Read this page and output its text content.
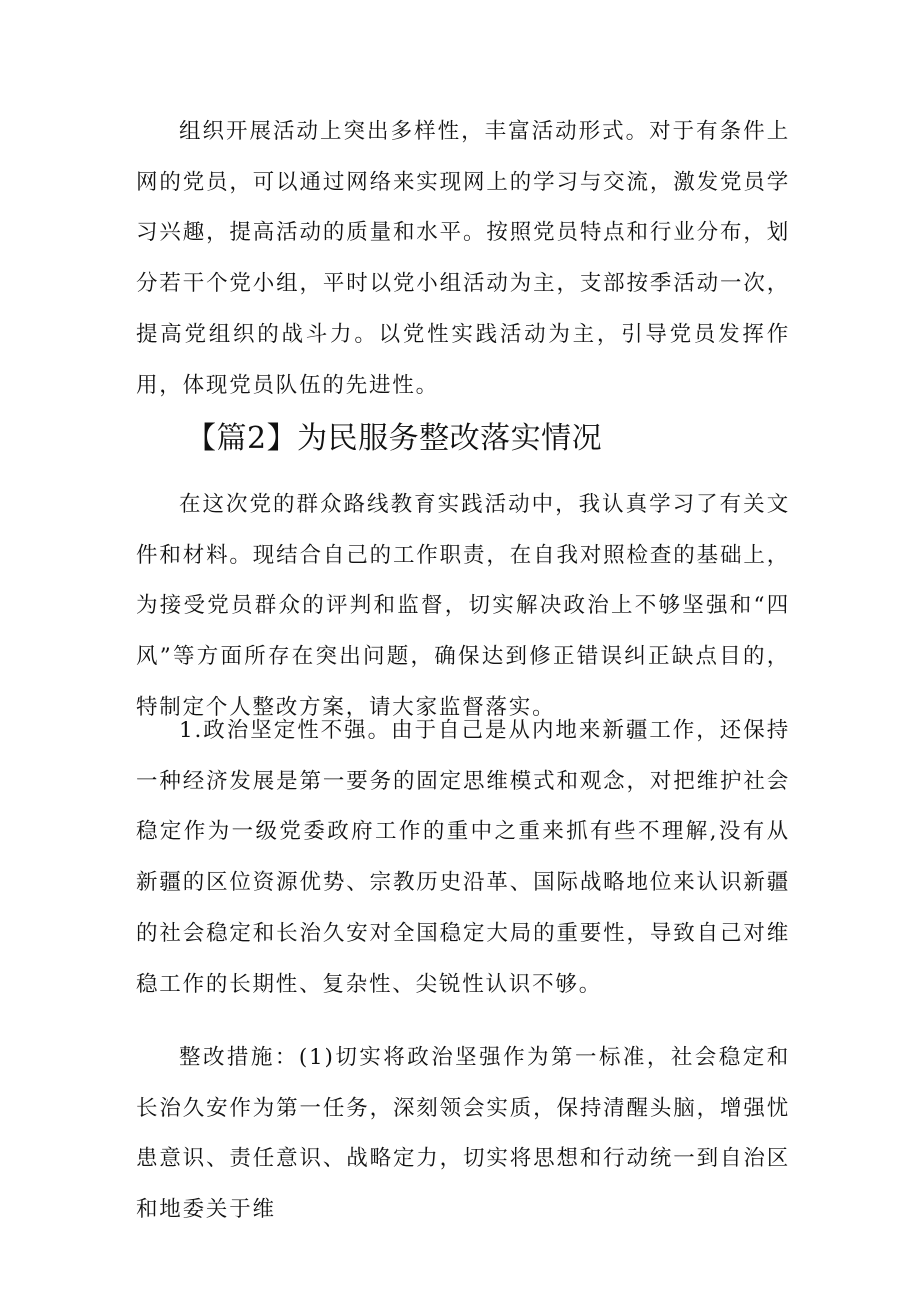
组织开展活动上突出多样性，丰富活动形式。对于有条件上网的党员，可以通过网络来实现网上的学习与交流，激发党员学习兴趣，提高活动的质量和水平。按照党员特点和行业分布，划分若干个党小组，平时以党小组活动为主，支部按季活动一次，提高党组织的战斗力。以党性实践活动为主，引导党员发挥作用，体现党员队伍的先进性。

【篇2】为民服务整改落实情况

在这次党的群众路线教育实践活动中，我认真学习了有关文件和材料。现结合自己的工作职责，在自我对照检查的基础上，为接受党员群众的评判和监督，切实解决政治上不够坚强和“四风”等方面所存在突出问题，确保达到修正错误纠正缺点目的，特制定个人整改方案，请大家监督落实。

1.政治坚定性不强。由于自己是从内地来新疆工作，还保持一种经济发展是第一要务的固定思维模式和观念，对把维护社会稳定作为一级党委政府工作的重中之重来抓有些不理解,没有从新疆的区位资源优势、宗教历史沿革、国际战略地位来认识新疆的社会稳定和长治久安对全国稳定大局的重要性，导致自己对维稳工作的长期性、复杂性、尖锐性认识不够。

整改措施：(1)切实将政治坚强作为第一标准，社会稳定和长治久安作为第一任务，深刻领会实质，保持清醒头脑，增强忧患意识、责任意识、战略定力，切实将思想和行动统一到自治区和地委关于维
